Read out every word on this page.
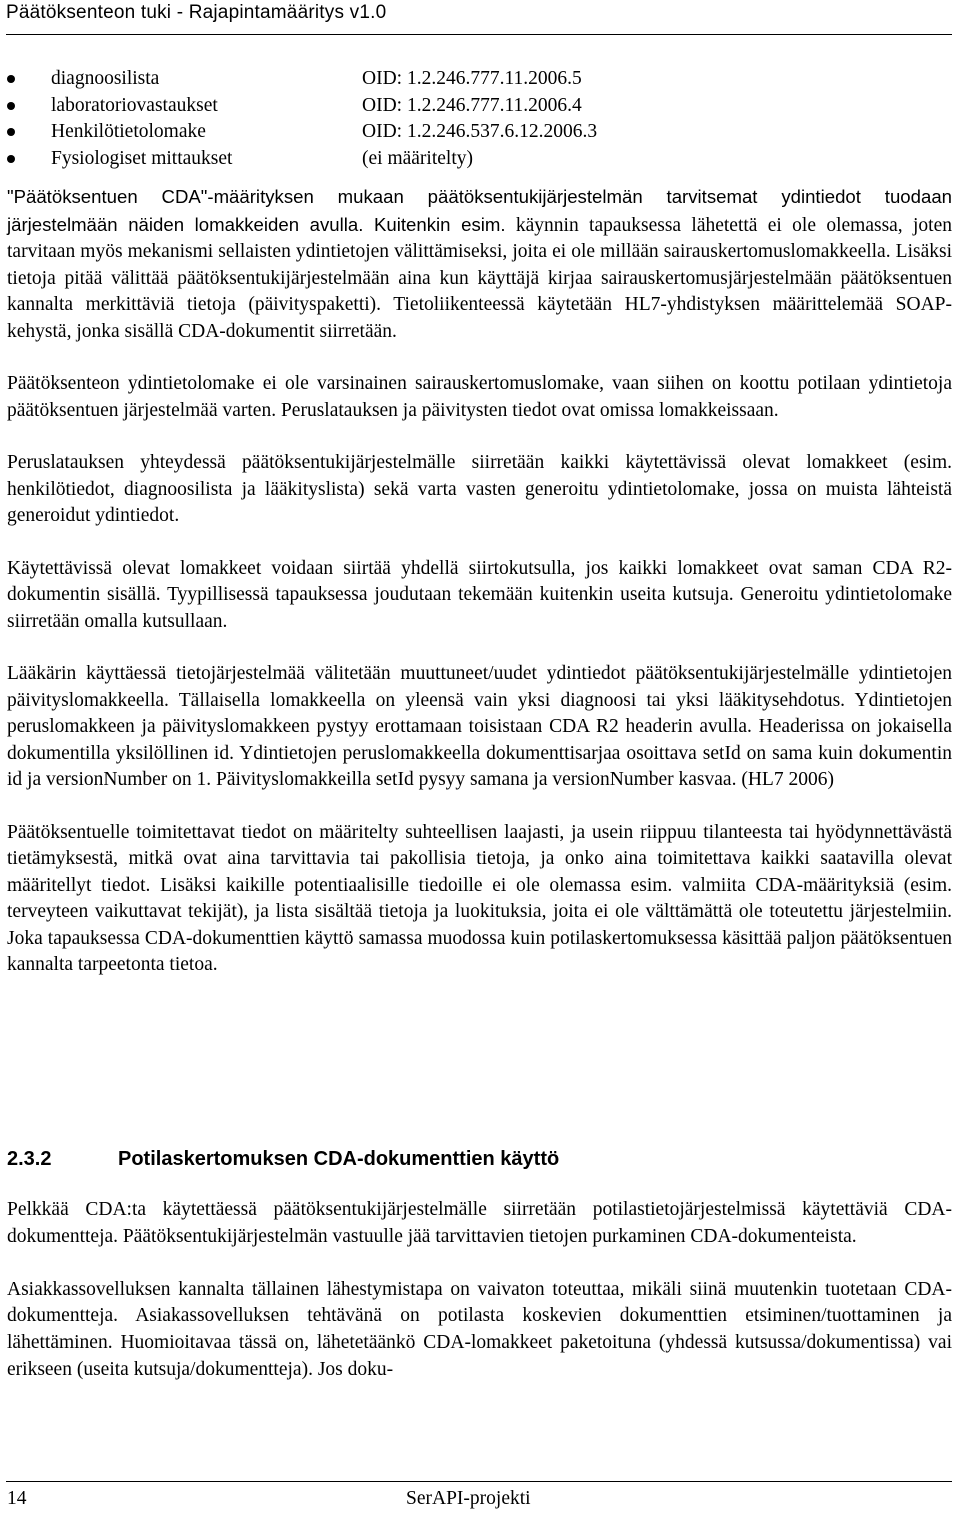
Päätöksenteon tuki - Rajapintamääritys v1.0
diagnoosilista	OID: 1.2.246.777.11.2006.5
laboratoriovastaukset	OID: 1.2.246.777.11.2006.4
Henkilötietolomake	OID: 1.2.246.537.6.12.2006.3
Fysiologiset mittaukset	(ei määritelty)

"Päätöksentuen CDA"-määrityksen mukaan päätöksentukijärjestelmän tarvitsemat ydintiedot tuodaan järjestelmään näiden lomakkeiden avulla. Kuitenkin esim. käynnin tapauksessa lähetettä ei ole olemassa, joten tarvitaan myös mekanismi sellaisten ydintietojen välittämiseksi, joita ei ole millään sairauskertomuslomakkeella. Lisäksi tietoja pitää välittää päätöksentukijärjestelmään aina kun käyttäjä kirjaa sairauskertomusjärjestelmään päätöksentuen kannalta merkittäviä tietoja (päivityspaketti). Tietoliikenteessä käytetään HL7-yhdistyksen määrittelemää SOAP-kehystä, jonka sisällä CDA-dokumentit siirretään.

Päätöksenteon ydintietolomake ei ole varsinainen sairauskertomuslomake, vaan siihen on koottu potilaan ydintietoja päätöksentuen järjestelmää varten. Peruslatauksen ja päivitysten tiedot ovat omissa lomakkeissaan.

Peruslatauksen yhteydessä päätöksentukijärjestelmälle siirretään kaikki käytettävissä olevat lomakkeet (esim. henkilötiedot, diagnoosilista ja lääkityslista) sekä varta vasten generoitu ydintietolomake, jossa on muista lähteistä generoidut ydintiedot.

Käytettävissä olevat lomakkeet voidaan siirtää yhdellä siirtokutsulla, jos kaikki lomakkeet ovat saman CDA R2-dokumentin sisällä. Tyypillisessä tapauksessa joudutaan tekemään kuitenkin useita kutsuja. Generoitu ydintietolomake siirretään omalla kutsullaan.

Lääkärin käyttäessä tietojärjestelmää välitetään muuttuneet/uudet ydintiedot päätöksentukijärjestelmälle ydintietojen päivityslomakkeella. Tällaisella lomakkeella on yleensä vain yksi diagnoosi tai yksi lääkitysehdotus. Ydintietojen peruslomakkeen ja päivityslomakkeen pystyy erottamaan toisistaan CDA R2 headerin avulla. Headerissa on jokaisella dokumentilla yksilöllinen id. Ydintietojen peruslomakkeella dokumenttisarjaa osoittava setId on sama kuin dokumentin id ja versionNumber on 1. Päivityslomakkeilla setId pysyy samana ja versionNumber kasvaa. (HL7 2006)

Päätöksentuelle toimitettavat tiedot on määritelty suhteellisen laajasti, ja usein riippuu tilanteesta tai hyödynnettävästä tietämyksestä, mitkä ovat aina tarvittavia tai pakollisia tietoja, ja onko aina toimitettava kaikki saatavilla olevat määritellyt tiedot. Lisäksi kaikille potentiaalisille tiedoille ei ole olemassa esim. valmiita CDA-määrityksiä (esim. terveyteen vaikuttavat tekijät), ja lista sisältää tietoja ja luokituksia, joita ei ole välttämättä ole toteutettu järjestelmiin. Joka tapauksessa CDA-dokumenttien käyttö samassa muodossa kuin potilaskertomuksessa käsittää paljon päätöksentuen kannalta tarpeetonta tietoa.

2.3.2	Potilaskertomuksen CDA-dokumenttien käyttö

Pelkkää CDA:ta käytettäessä päätöksentukijärjestelmälle siirretään potilastietojärjestelmissä käytettäviä CDA-dokumentteja. Päätöksentukijärjestelmän vastuulle jää tarvittavien tietojen purkaminen CDA-dokumenteista.

Asiakkassovelluksen kannalta tällainen lähestymistapa on vaivaton toteuttaa, mikäli siinä muutenkin tuotetaan CDA-dokumentteja. Asiakassovelluksen tehtävänä on potilasta koskevien dokumenttien etsiminen/tuottaminen ja lähettäminen. Huomioitavaa tässä on, lähetetäänkö CDA-lomakkeet paketoituna (yhdessä kutsussa/dokumentissa) vai erikseen (useita kutsuja/dokumentteja). Jos doku-

14	SerAPI-projekti
